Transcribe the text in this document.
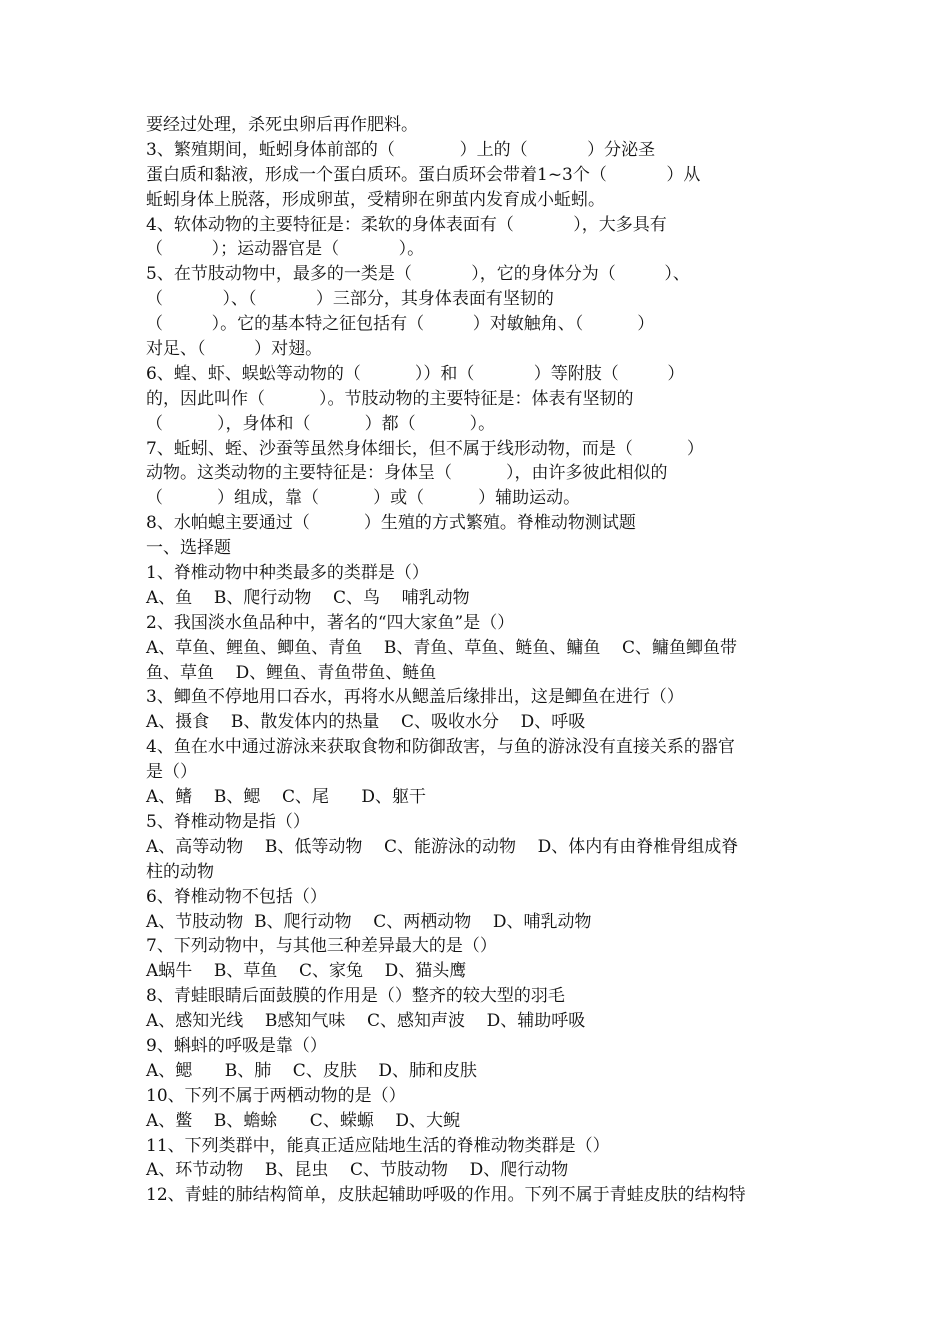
要经过处理，杀死虫卵后再作肥料。
3、繁殖期间，蚯蚓身体前部的（            ）上的（           ）分泌圣
蛋白质和黏液，形成一个蛋白质环。蛋白质环会带着1~3个（           ）从
蚯蚓身体上脱落，形成卵茧，受精卵在卵茧内发育成小蚯蚓。
4、软体动物的主要特征是：柔软的身体表面有（           ），大多具有
（         ）；运动器官是（           ）。
5、在节肢动物中，最多的一类是（           ），它的身体分为（         ）、
（           ）、（           ）三部分，其身体表面有坚韧的
（         ）。它的基本特之征包括有（         ）对敏触角、（          ）
对足、（         ）对翅。
6、蝗、虾、蜈蚣等动物的（          ））和（           ）等附肢（         ）
的，因此叫作（          ）。节肢动物的主要特征是：体表有坚韧的
（          ），身体和（          ）都（          ）。
7、蚯蚓、蛭、沙蚕等虽然身体细长，但不属于线形动物，而是（          ）
动物。这类动物的主要特征是：身体呈（          ），由许多彼此相似的
（          ）组成，靠（          ）或（          ）辅助运动。
8、水帕螅主要通过（          ）生殖的方式繁殖。脊椎动物测试题
一、选择题
1、脊椎动物中种类最多的类群是（）
A、鱼    B、爬行动物    C、鸟    哺乳动物
2、我国淡水鱼品种中，著名的“四大家鱼”是（）
A、草鱼、鲤鱼、鲫鱼、青鱼    B、青鱼、草鱼、鲢鱼、鳙鱼    C、鳙鱼鲫鱼带
鱼、草鱼    D、鲤鱼、青鱼带鱼、鲢鱼
3、鲫鱼不停地用口吞水，再将水从鳃盖后缘排出，这是鲫鱼在进行（）
A、摄食    B、散发体内的热量    C、吸收水分    D、呼吸
4、鱼在水中通过游泳来获取食物和防御敌害，与鱼的游泳没有直接关系的器官
是（）
A、鳍    B、鳃    C、尾      D、躯干
5、脊椎动物是指（）
A、高等动物    B、低等动物    C、能游泳的动物    D、体内有由脊椎骨组成脊
柱的动物
6、脊椎动物不包括（）
A、节肢动物  B、爬行动物    C、两栖动物    D、哺乳动物
7、下列动物中，与其他三种差异最大的是（）
A蜗牛    B、草鱼    C、家兔    D、猫头鹰
8、青蛙眼睛后面鼓膜的作用是（）整齐的较大型的羽毛
A、感知光线    B感知气味    C、感知声波    D、辅助呼吸
9、蝌蚪的呼吸是靠（）
A、鳃      B、肺    C、皮肤    D、肺和皮肤
10、下列不属于两栖动物的是（）
A、鳖    B、蟾蜍      C、蝾螈    D、大鲵
11、下列类群中，能真正适应陆地生活的脊椎动物类群是（）
A、环节动物    B、昆虫    C、节肢动物    D、爬行动物
12、青蛙的肺结构简单，皮肤起辅助呼吸的作用。下列不属于青蛙皮肤的结构特
